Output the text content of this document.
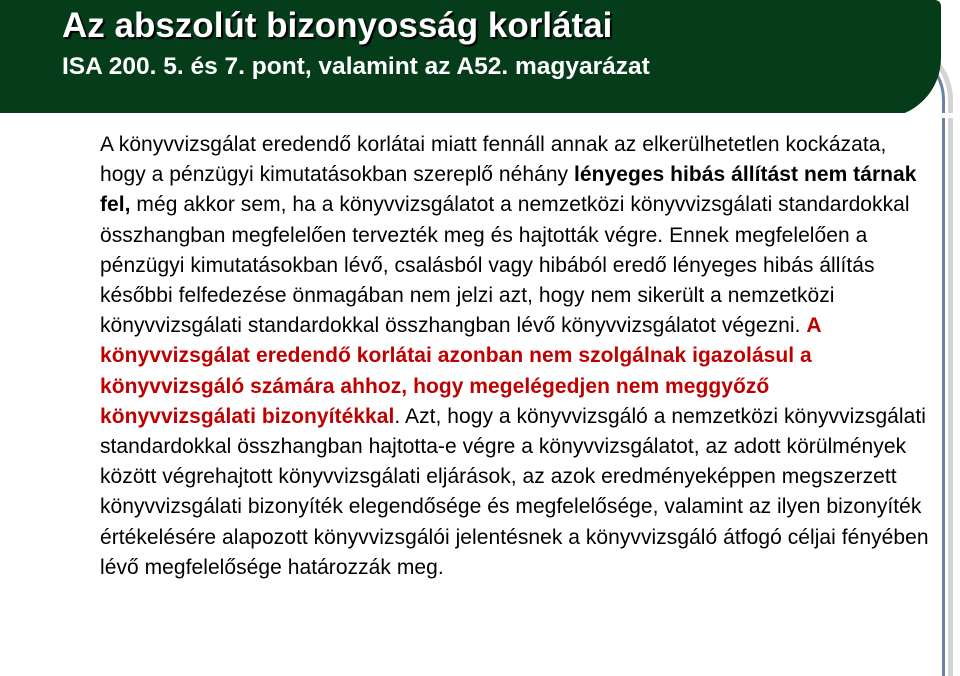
Az abszolút bizonyosság korlátai
ISA 200. 5. és 7. pont, valamint az A52. magyarázat

A könyvvizsgálat eredendő korlátai miatt fennáll annak az elkerülhetetlen kockázata, hogy a pénzügyi kimutatásokban szereplő néhány lényeges hibás állítást nem tárnak fel, még akkor sem, ha a könyvvizsgálatot a nemzetközi könyvvizsgálati standardokkal összhangban megfelelően tervezték meg és hajtották végre. Ennek megfelelően a pénzügyi kimutatásokban lévő, csalásból vagy hibából eredő lényeges hibás állítás későbbi felfedezése önmagában nem jelzi azt, hogy nem sikerült a nemzetközi könyvvizsgálati standardokkal összhangban lévő könyvvizsgálatot végezni. A könyvvizsgálat eredendő korlátai azonban nem szolgálnak igazolásul a könyvvizsgáló számára ahhoz, hogy megelégedjen nem meggyőző könyvvizsgálati bizonyítékkal. Azt, hogy a könyvvizsgáló a nemzetközi könyvvizsgálati standardokkal összhangban hajtotta-e végre a könyvvizsgálatot, az adott körülmények között végrehajtott könyvvizsgálati eljárások, az azok eredményeképpen megszerzett könyvvizsgálati bizonyíték elegendősége és megfelelősége, valamint az ilyen bizonyíték értékelésére alapozott könyvvizsgálói jelentésnek a könyvvizsgáló átfogó céljai fényében lévő megfelelősége határozzák meg.
